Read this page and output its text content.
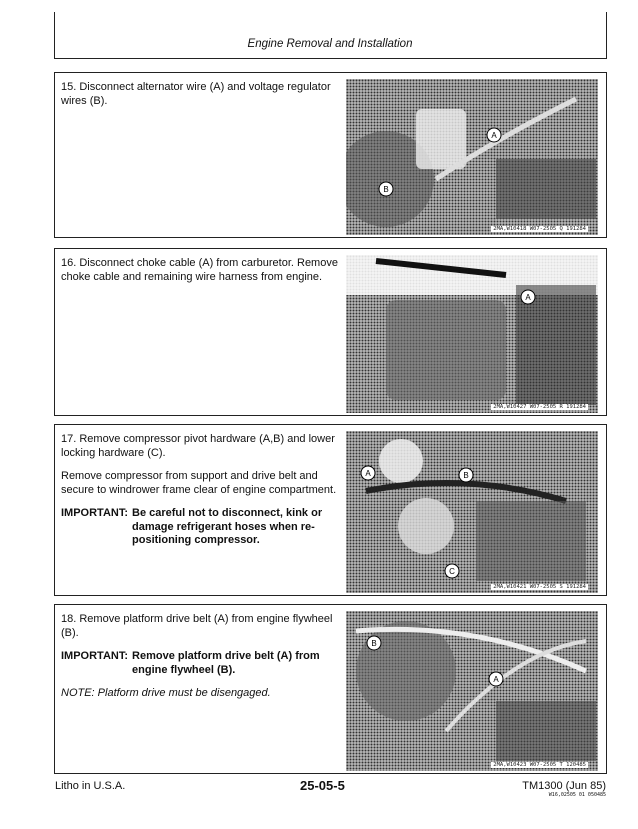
Engine Removal and Installation

15. Disconnect alternator wire (A) and voltage regulator wires (B).

A
B
2MA,W10418 W07-2505 Q 191284

16. Disconnect choke cable (A) from carburetor. Remove choke cable and remaining wire harness from engine.

A
2MA,W10427 W07-2505 R 191284

17. Remove compressor pivot hardware (A,B) and lower locking hardware (C).

Remove compressor from support and drive belt and secure to windrower frame clear of engine compartment.

IMPORTANT: Be careful not to disconnect, kink or damage refrigerant hoses when re-positioning compressor.
A	B
C
2MA,W10421 W07-2505 S 191284

18. Remove platform drive belt (A) from engine flywheel (B).

IMPORTANT: Remove platform drive belt (A) from engine flywheel (B).

NOTE: Platform drive must be disengaged.

A
B
2MA,W10423 W07-2505 T 120485
Litho in U.S.A.	25-05-5	TM1300 (Jun 85)
W16,02505 01 050485
